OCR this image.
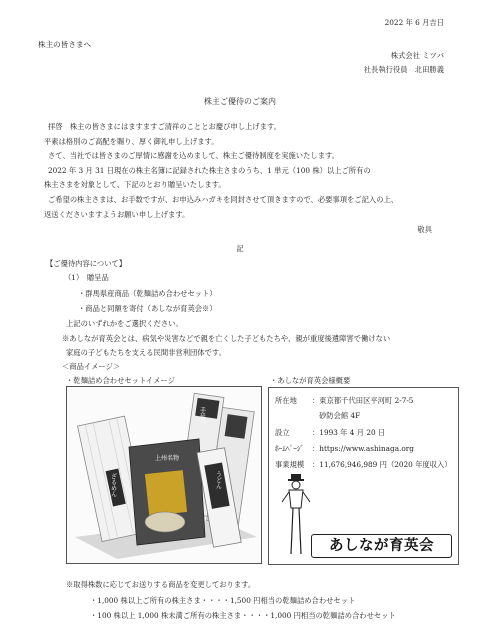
2022 年 6 月吉日
株主の皆さまへ
株式会社 ミツバ
社長執行役員　北田勝義
株主ご優待のご案内
拝啓　株主の皆さまにはますますご清祥のこととお慶び申し上げます。
平素は格別のご高配を賜り、厚く御礼申し上げます。
さて、当社では皆さまのご厚情に感謝を込めまして、株主ご優待制度を実施いたします。
2022 年 3 月 31 日現在の株主名簿に記録された株主さまのうち、1 単元（100 株）以上ご所有の
株主さまを対象として、下記のとおり贈呈いたします。
ご希望の株主さまは、お手数ですが、お申込みハガキを同封させて頂きますので、必要事項をご記入の上、
返送くださいますようお願い申し上げます。
敬具
記
【ご優待内容について】
（1）　贈呈品
・群馬県産商品（乾麺詰め合わせセット）
・商品と同額を寄付（あしなが育英会※）
上記のいずれかをご選択ください。
※あしなが育英会とは、病気や災害などで親を亡くした子どもたちや、親が重度後遺障害で働けない
家庭の子どもたちを支える民間非営利団体です。
＜商品イメージ＞
・乾麺詰め合わせセットイメージ	・あしなが育英会様概要
ざるめん
上州名物
手延べ
うどん
所在地 ：東京都千代田区平河町 2-7-5
砂防会館 4F
設立	：1993 年 4 月 20 日
ﾎｰﾑﾍﾟｰｼﾞ ：https://www.ashinaga.org
事業規模 ：11,676,946,989 円（2020 年度収入）
あしなが育英会
※取得株数に応じてお送りする商品を変更しております。
・1,000 株以上ご所有の株主さま・・・・1,500 円相当の乾麺詰め合わせセット
・100 株以上 1,000 株未満ご所有の株主さま・・・・1,000 円相当の乾麺詰め合わせセット
